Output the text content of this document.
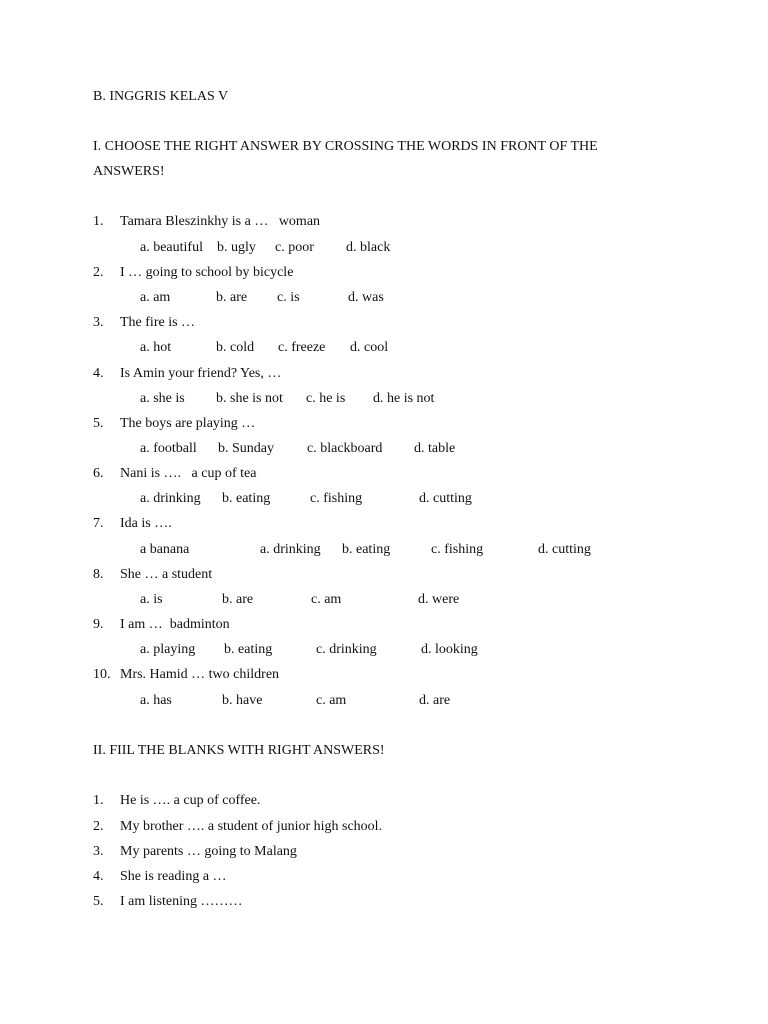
B. INGGRIS KELAS V
I. CHOOSE THE RIGHT ANSWER BY CROSSING THE WORDS IN FRONT OF THE
ANSWERS!
1. Tamara Bleszinkhy is a …   woman
a. beautiful b. ugly c. poor d. black
2. I … going to school by bicycle
a. am	b. are c. is	d. was
3. The fire is …
a. hot	b. cold c. freeze d. cool
4. Is Amin your friend? Yes, …
a. she is b. she is not c. he is d. he is not
5. The boys are playing …
a. football b. Sunday c. blackboard d. table
6. Nani is ….   a cup of tea
a. drinking b. eating	c. fishing	d. cutting
7. Ida is ….
a banana	a. drinking b. eating	c. fishing	d. cutting
8. She … a student
a. is	b. are	c. am	d. were
9. I am …  badminton
a. playing b. eating	c. drinking	d. looking
10. Mrs. Hamid … two children
a. has	b. have	c. am	d. are
II. FIIL THE BLANKS WITH RIGHT ANSWERS!
1. He is …. a cup of coffee.
2. My brother …. a student of junior high school.
3. My parents … going to Malang
4. She is reading a …
5. I am listening ………
